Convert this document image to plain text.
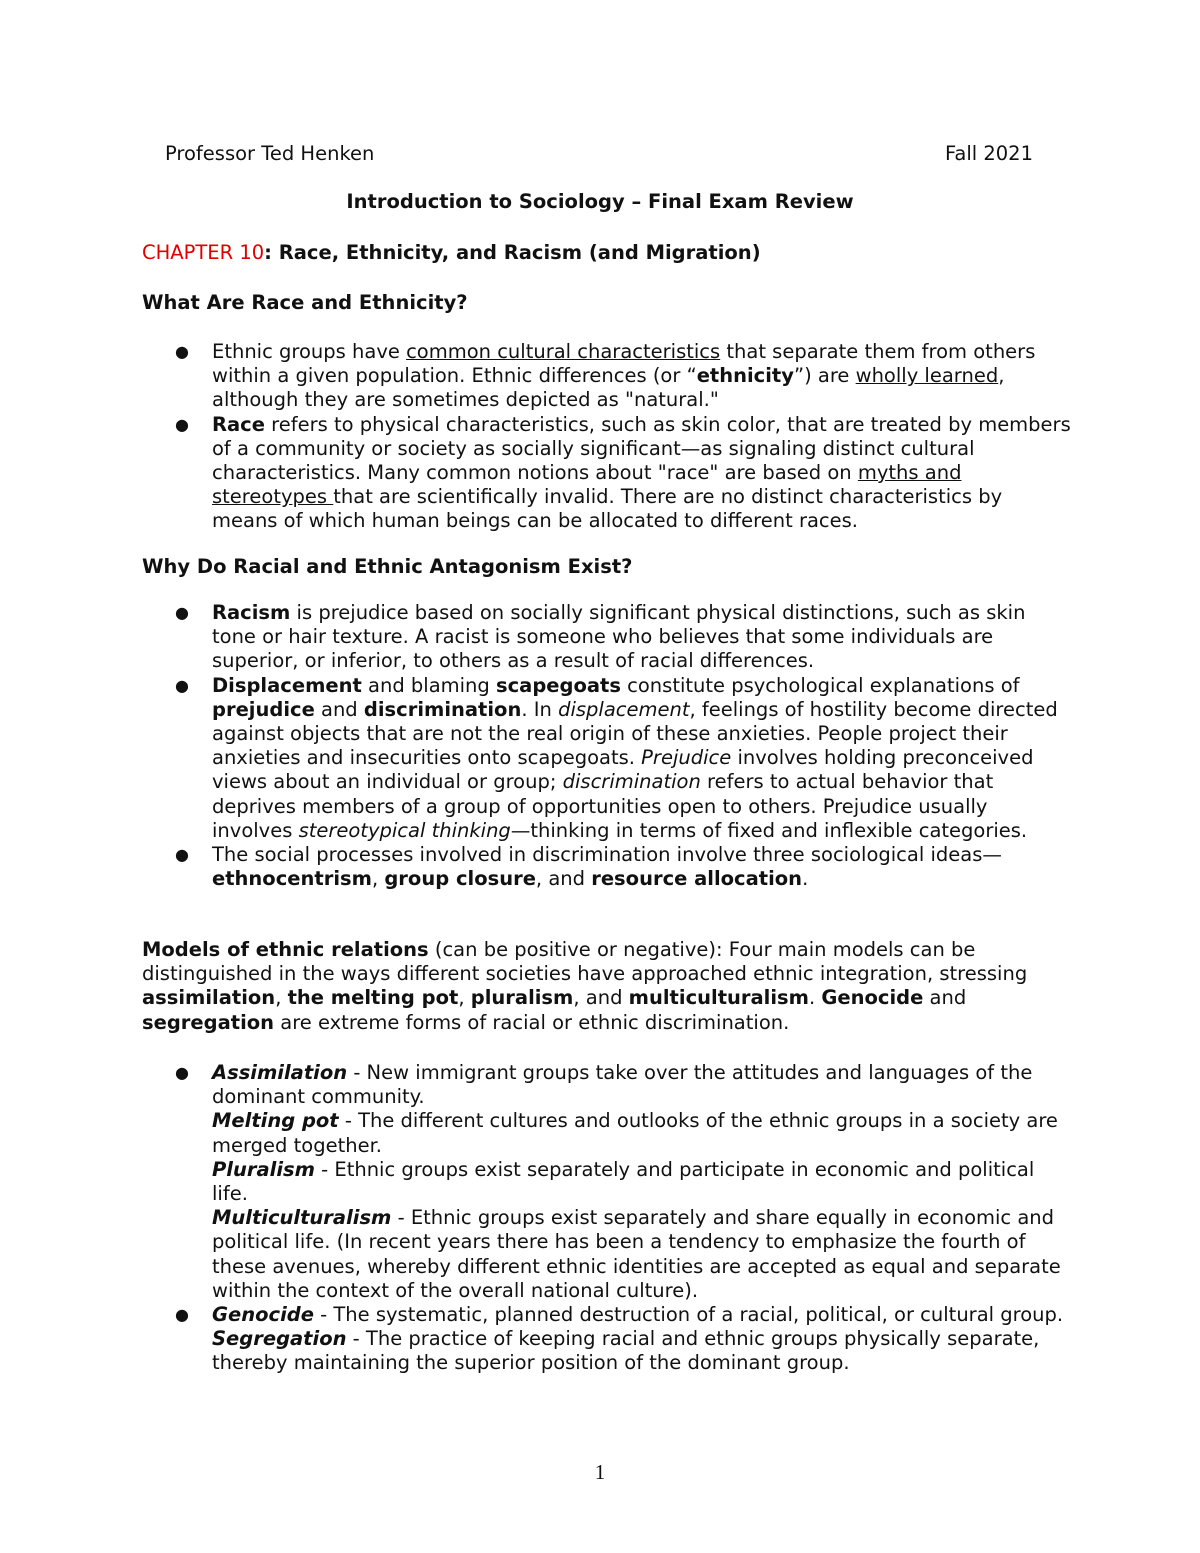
Professor Ted Henken	Fall 2021
Introduction to Sociology – Final Exam Review
CHAPTER 10: Race, Ethnicity, and Racism (and Migration)
What Are Race and Ethnicity?
● Ethnic groups have common cultural characteristics that separate them from others within a given population. Ethnic differences (or “ethnicity”) are wholly learned, although they are sometimes depicted as "natural."
● Race refers to physical characteristics, such as skin color, that are treated by members of a community or society as socially significant—as signaling distinct cultural characteristics. Many common notions about "race" are based on myths and stereotypes that are scientifically invalid. There are no distinct characteristics by means of which human beings can be allocated to different races.
Why Do Racial and Ethnic Antagonism Exist?
● Racism is prejudice based on socially significant physical distinctions, such as skin tone or hair texture. A racist is someone who believes that some individuals are superior, or inferior, to others as a result of racial differences.
● Displacement and blaming scapegoats constitute psychological explanations of prejudice and discrimination. In displacement, feelings of hostility become directed against objects that are not the real origin of these anxieties. People project their anxieties and insecurities onto scapegoats. Prejudice involves holding preconceived views about an individual or group; discrimination refers to actual behavior that deprives members of a group of opportunities open to others. Prejudice usually involves stereotypical thinking—thinking in terms of fixed and inflexible categories.
● The social processes involved in discrimination involve three sociological ideas—ethnocentrism, group closure, and resource allocation.

Models of ethnic relations (can be positive or negative): Four main models can be distinguished in the ways different societies have approached ethnic integration, stressing assimilation, the melting pot, pluralism, and multiculturalism. Genocide and segregation are extreme forms of racial or ethnic discrimination.

● Assimilation - New immigrant groups take over the attitudes and languages of the dominant community.

Melting pot - The different cultures and outlooks of the ethnic groups in a society are merged together.

Pluralism - Ethnic groups exist separately and participate in economic and political life.

Multiculturalism - Ethnic groups exist separately and share equally in economic and political life. (In recent years there has been a tendency to emphasize the fourth of these avenues, whereby different ethnic identities are accepted as equal and separate within the context of the overall national culture).

● Genocide - The systematic, planned destruction of a racial, political, or cultural group.

Segregation - The practice of keeping racial and ethnic groups physically separate, thereby maintaining the superior position of the dominant group.

1
